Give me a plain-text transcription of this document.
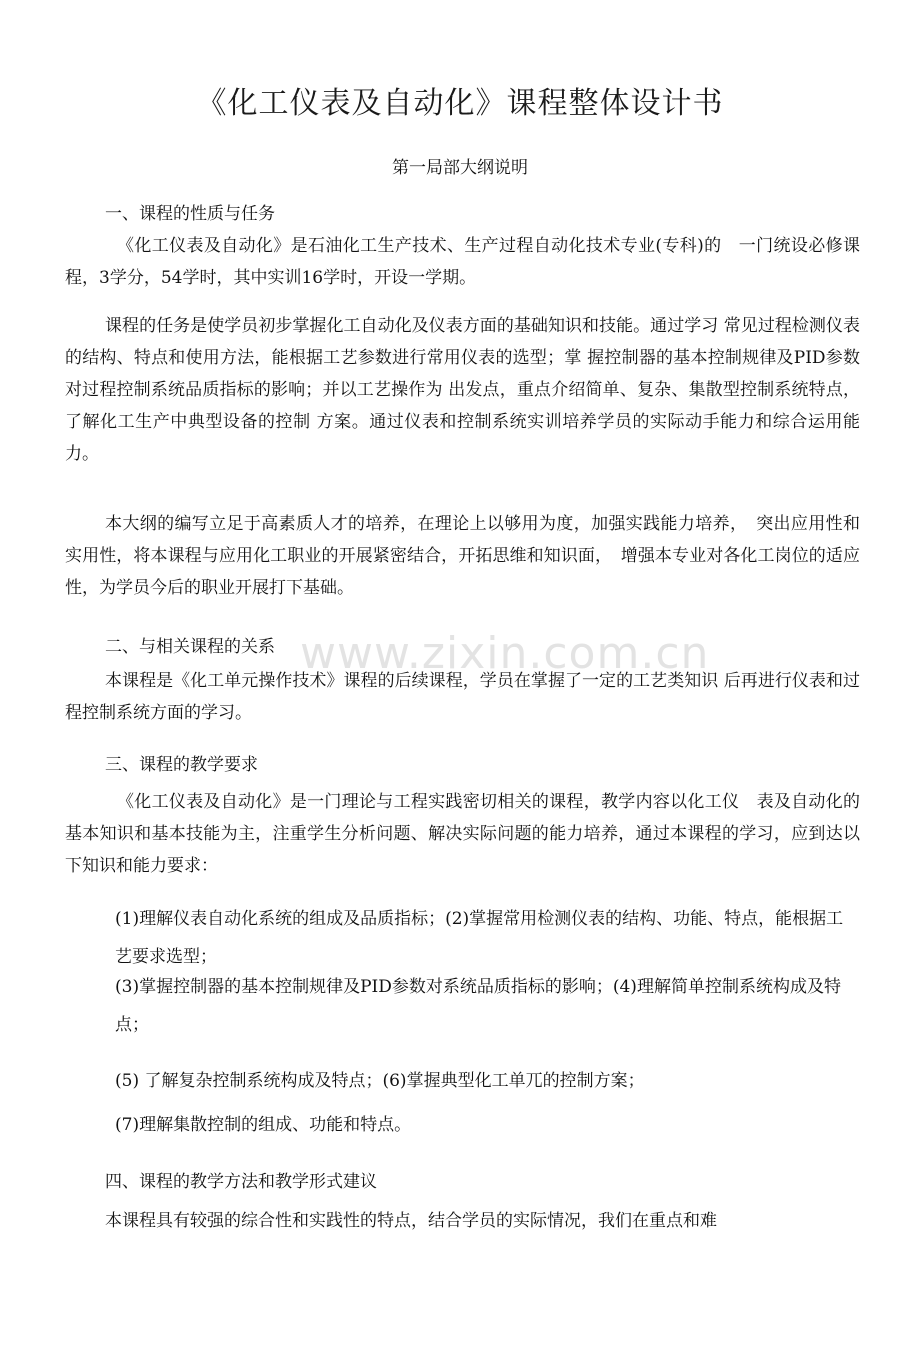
www.zixin.com.cn
《化工仪表及自动化》课程整体设计书
第一局部大纲说明
一、课程的性质与任务
《化工仪表及自动化》是石油化工生产技术、生产过程自动化技术专业(专科)的　一门统设必修课程，3学分，54学时，其中实训16学时，开设一学期。
课程的任务是使学员初步掌握化工自动化及仪表方面的基础知识和技能。通过学习 常见过程检测仪表的结构、特点和使用方法，能根据工艺参数进行常用仪表的选型；掌 握控制器的基本控制规律及PID参数对过程控制系统品质指标的影响；并以工艺操作为 出发点，重点介绍简单、复杂、集散型控制系统特点，了解化工生产中典型设备的控制 方案。通过仪表和控制系统实训培养学员的实际动手能力和综合运用能力。
本大纲的编写立足于高素质人才的培养，在理论上以够用为度，加强实践能力培养，　突出应用性和实用性，将本课程与应用化工职业的开展紧密结合，开拓思维和知识面，　增强本专业对各化工岗位的适应性，为学员今后的职业开展打下基础。
二、与相关课程的关系
本课程是《化工单元操作技术》课程的后续课程，学员在掌握了一定的工艺类知识 后再进行仪表和过程控制系统方面的学习。
三、课程的教学要求
《化工仪表及自动化》是一门理论与工程实践密切相关的课程，教学内容以化工仪　表及自动化的基本知识和基本技能为主，注重学生分析问题、解决实际问题的能力培养，通过本课程的学习，应到达以下知识和能力要求：
(1)理解仪表自动化系统的组成及品质指标；(2)掌握常用检测仪表的结构、功能、特点，能根据工艺要求选型；
(3)掌握控制器的基本控制规律及PID参数对系统品质指标的影响；(4)理解简单控制系统构成及特点；
(5) 了解复杂控制系统构成及特点；(6)掌握典型化工单兀的控制方案；
(7)理解集散控制的组成、功能和特点。
四、课程的教学方法和教学形式建议
本课程具有较强的综合性和实践性的特点，结合学员的实际情况，我们在重点和难
